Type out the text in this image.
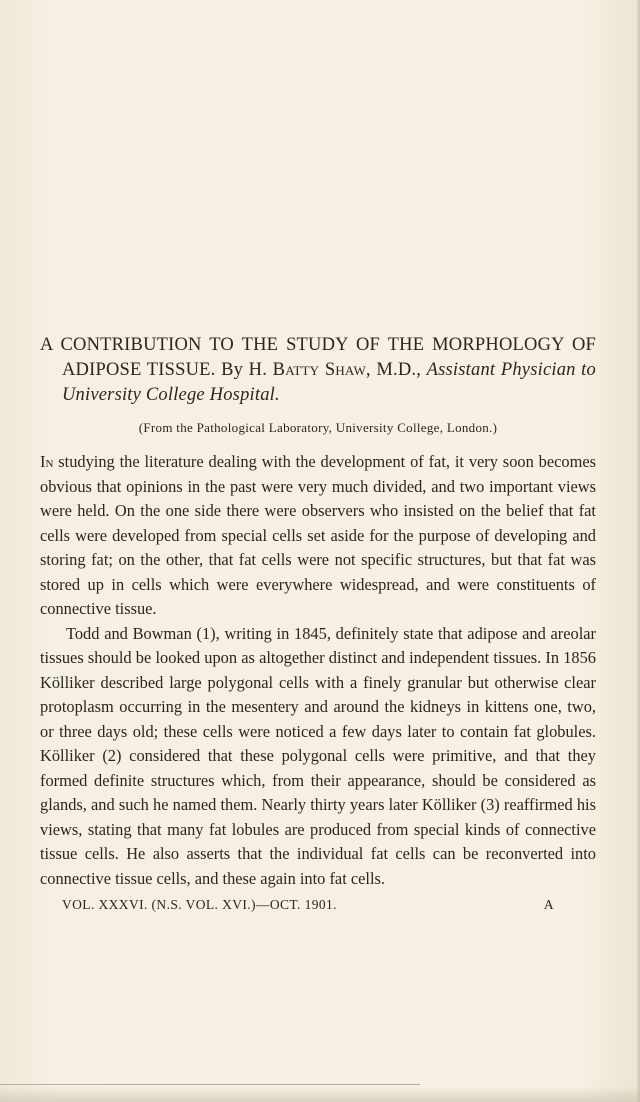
A CONTRIBUTION TO THE STUDY OF THE MORPHOLOGY OF ADIPOSE TISSUE. By H. Batty Shaw, M.D., Assistant Physician to University College Hospital.

(From the Pathological Laboratory, University College, London.)

In studying the literature dealing with the development of fat, it very soon becomes obvious that opinions in the past were very much divided, and two important views were held. On the one side there were observers who insisted on the belief that fat cells were developed from special cells set aside for the purpose of developing and storing fat; on the other, that fat cells were not specific structures, but that fat was stored up in cells which were everywhere widespread, and were constituents of connective tissue.

Todd and Bowman (1), writing in 1845, definitely state that adipose and areolar tissues should be looked upon as altogether distinct and independent tissues. In 1856 Kölliker described large polygonal cells with a finely granular but otherwise clear protoplasm occurring in the mesentery and around the kidneys in kittens one, two, or three days old; these cells were noticed a few days later to contain fat globules. Kölliker (2) considered that these polygonal cells were primitive, and that they formed definite structures which, from their appearance, should be considered as glands, and such he named them. Nearly thirty years later Kölliker (3) reaffirmed his views, stating that many fat lobules are produced from special kinds of connective tissue cells. He also asserts that the individual fat cells can be reconverted into connective tissue cells, and these again into fat cells.

VOL. XXXVI. (N.S. VOL. XVI.)—OCT. 1901.	A
